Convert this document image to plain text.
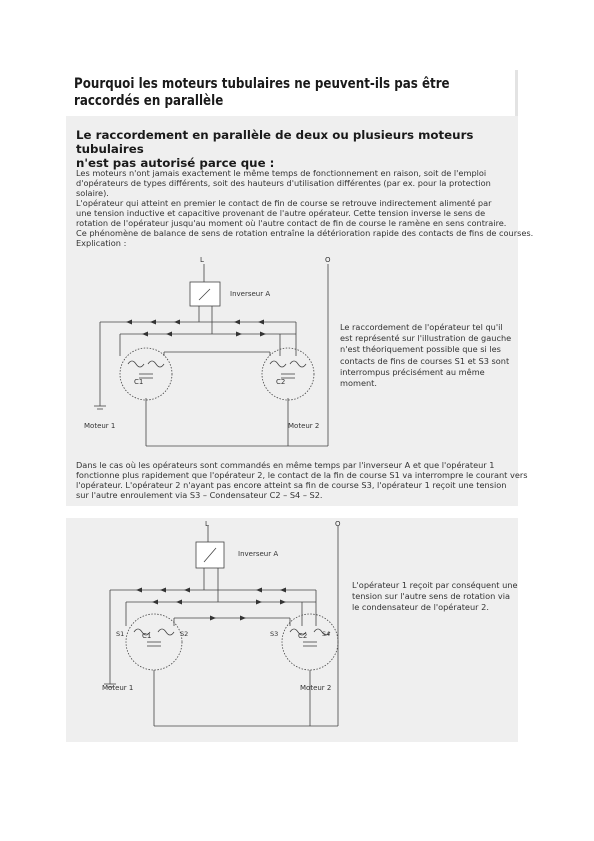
Pourquoi les moteurs tubulaires ne peuvent-ils pas être
raccordés en parallèle
Le raccordement en parallèle de deux ou plusieurs moteurs tubulaires
n'est pas autorisé parce que :
Les moteurs n'ont jamais exactement le même temps de fonctionnement en raison, soit de l'emploi
d'opérateurs de types différents, soit des hauteurs d'utilisation différentes (par ex. pour la protection
solaire).
L'opérateur qui atteint en premier le contact de fin de course se retrouve indirectement alimenté par
une tension inductive et capacitive provenant de l'autre opérateur. Cette tension inverse le sens de
rotation de l'opérateur jusqu'au moment où l'autre contact de fin de course le ramène en sens contraire.
Ce phénomène de balance de sens de rotation entraîne la détérioration rapide des contacts de fins de courses.
Explication :
L	O
Inverseur A
C1	C2
Moteur 1	Moteur 2
Le raccordement de l'opérateur tel qu'il
est représenté sur l'illustration de gauche
n'est théoriquement possible que si les
contacts de fins de courses S1 et S3 sont
interrompus précisément au même
moment.
Dans le cas où les opérateurs sont commandés en même temps par l'inverseur A et que l'opérateur 1
fonctionne plus rapidement que l'opérateur 2, le contact de la fin de course S1 va interrompre le courant vers
l'opérateur. L'opérateur 2 n'ayant pas encore atteint sa fin de course S3, l'opérateur 1 reçoit une tension
sur l'autre enroulement via S3 – Condensateur C2 – S4 – S2.
L	O
Inverseur A
C1	C2
S1	S2	S3	S4
Moteur 1	Moteur 2
L'opérateur 1 reçoit par conséquent une
tension sur l'autre sens de rotation via
le condensateur de l'opérateur 2.
